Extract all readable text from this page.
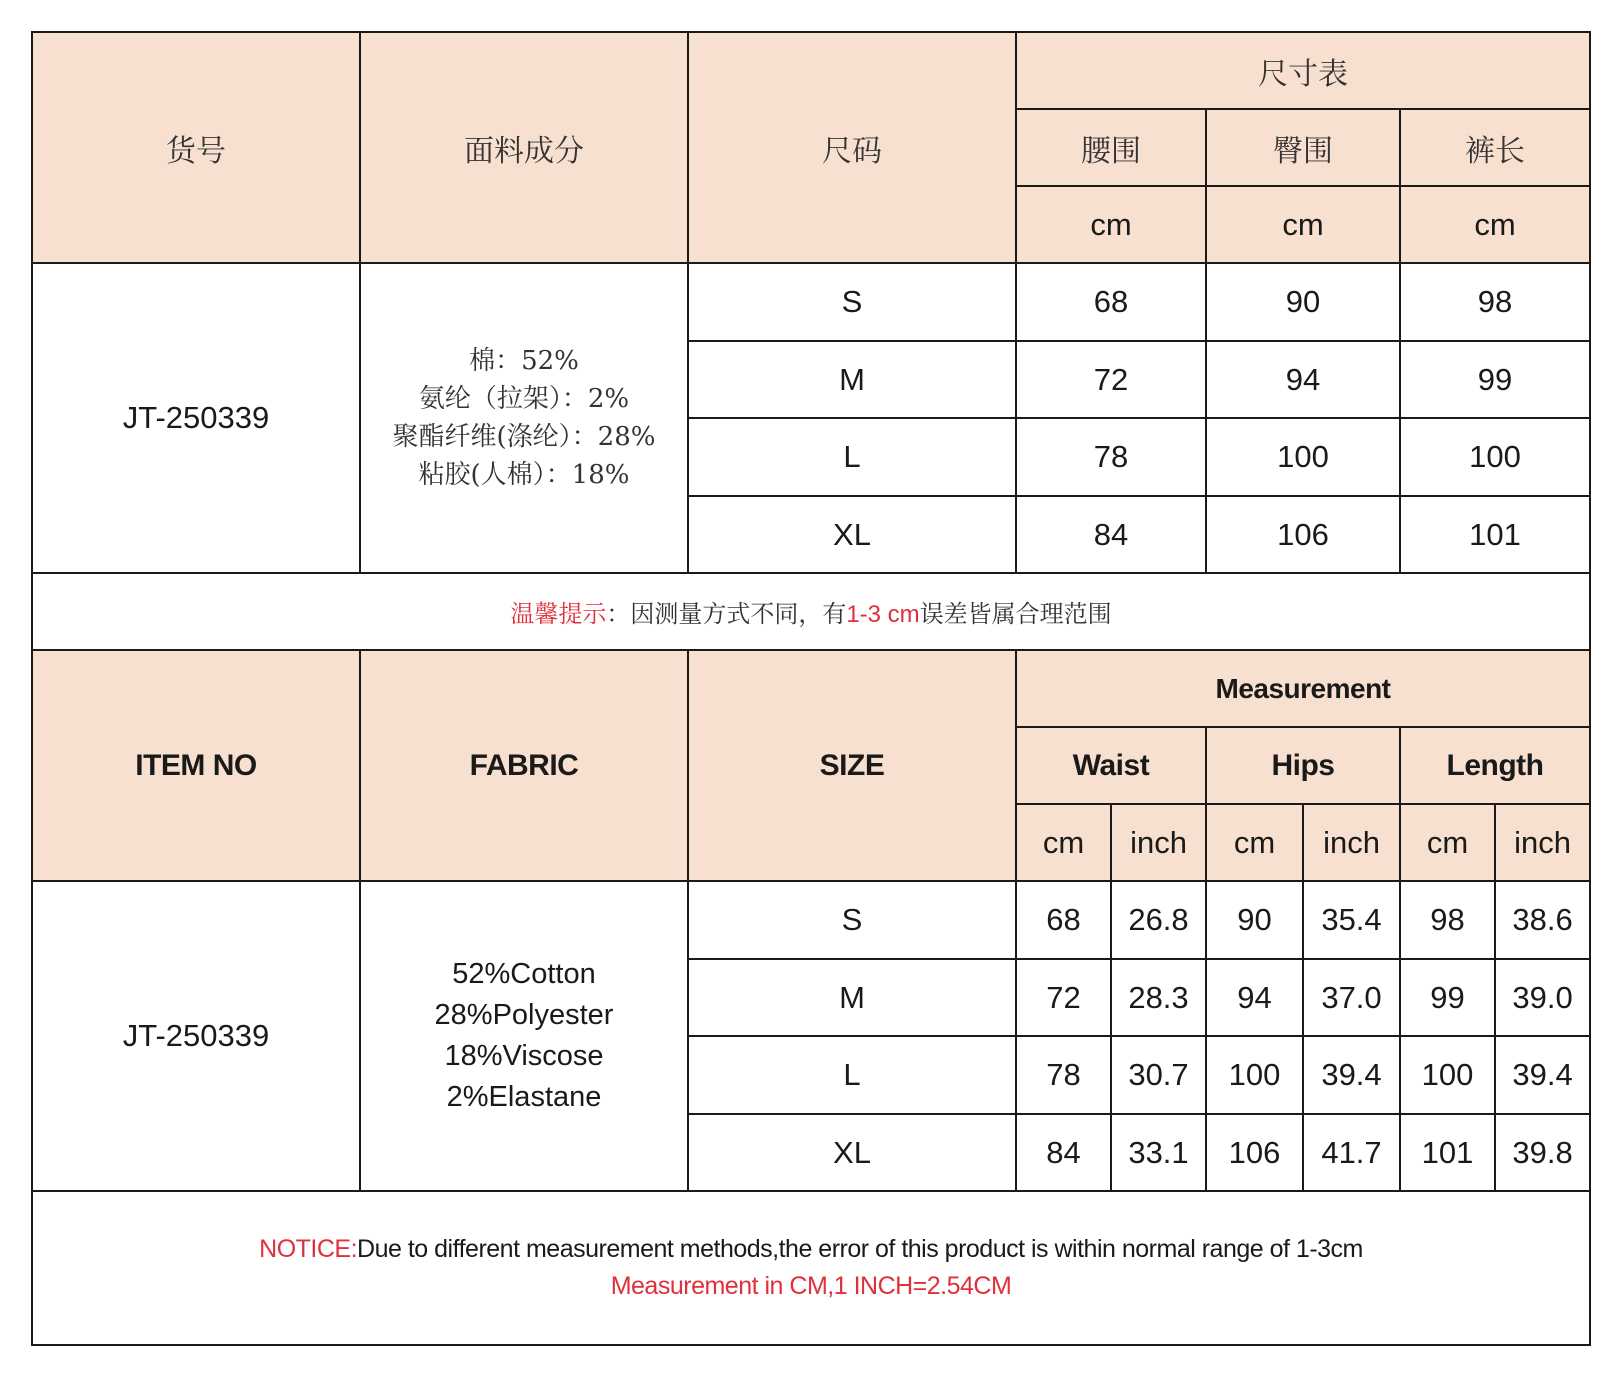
货号	面料成分	尺码	尺寸表					
			腰围		臀围		裤长	
			cm		cm		cm	
JT-250339	棉：52%
氨纶（拉架）：2%
聚酯纤维(涤纶）：28%
粘胶(人棉）：18%	S	68		90		98	
		M	72		94		99	
		L	78		100		100	
		XL	84		106		101	
温馨提示：因测量方式不同，有1-3 cm误差皆属合理范围								
ITEM NO	FABRIC	SIZE	Measurement					
			Waist		Hips		Length	
			cm	inch	cm	inch	cm	inch
JT-250339	52%Cotton
28%Polyester
18%Viscose
2%Elastane	S	68	26.8	90	35.4	98	38.6
		M	72	28.3	94	37.0	99	39.0
		L	78	30.7	100	39.4	100	39.4
		XL	84	33.1	106	41.7	101	39.8

NOTICE:Due to different measurement methods,the error of this product is within normal range of 1-3cm
Measurement in CM,1 INCH=2.54CM								
